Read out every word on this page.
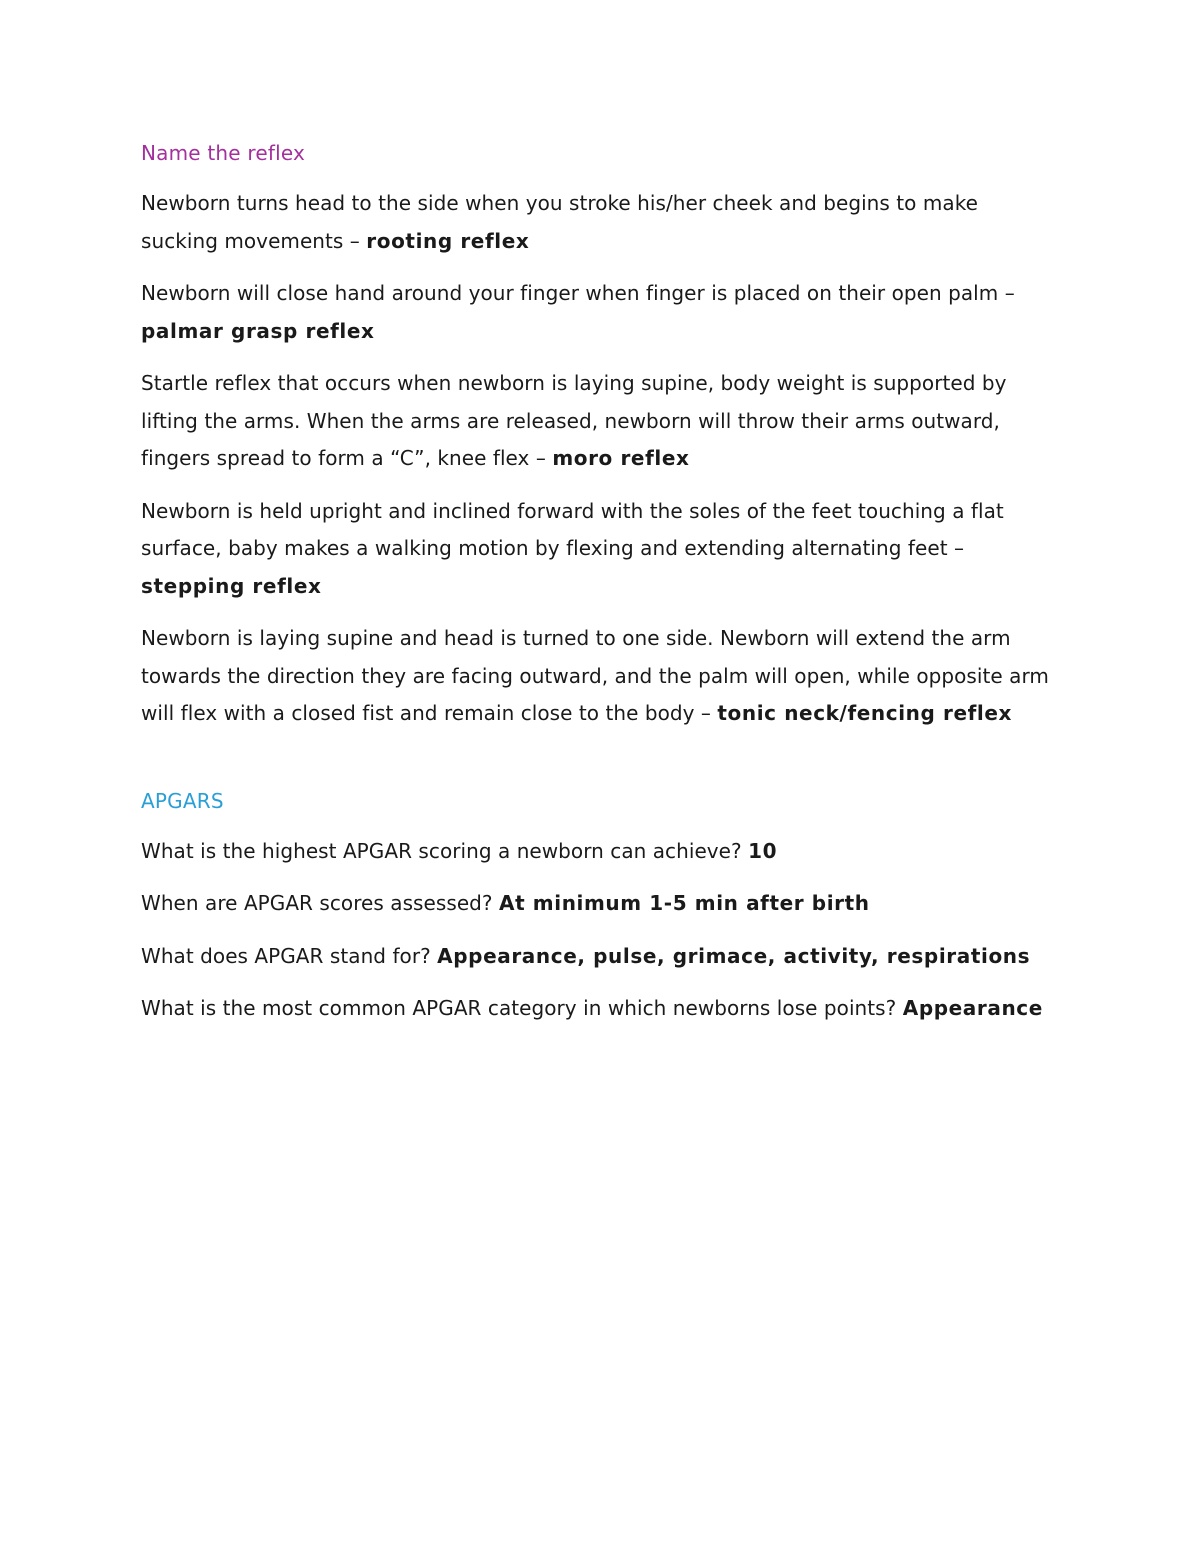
Name the reflex

Newborn turns head to the side when you stroke his/her cheek and begins to make sucking movements – rooting reflex

Newborn will close hand around your finger when finger is placed on their open palm – palmar grasp reflex

Startle reflex that occurs when newborn is laying supine, body weight is supported by lifting the arms. When the arms are released, newborn will throw their arms outward, fingers spread to form a “C”, knee flex – moro reflex

Newborn is held upright and inclined forward with the soles of the feet touching a flat surface, baby makes a walking motion by flexing and extending alternating feet – stepping reflex

Newborn is laying supine and head is turned to one side. Newborn will extend the arm towards the direction they are facing outward, and the palm will open, while opposite arm will flex with a closed fist and remain close to the body – tonic neck/fencing reflex

APGARS

What is the highest APGAR scoring a newborn can achieve? 10

When are APGAR scores assessed? At minimum 1-5 min after birth

What does APGAR stand for? Appearance, pulse, grimace, activity, respirations

What is the most common APGAR category in which newborns lose points? Appearance
